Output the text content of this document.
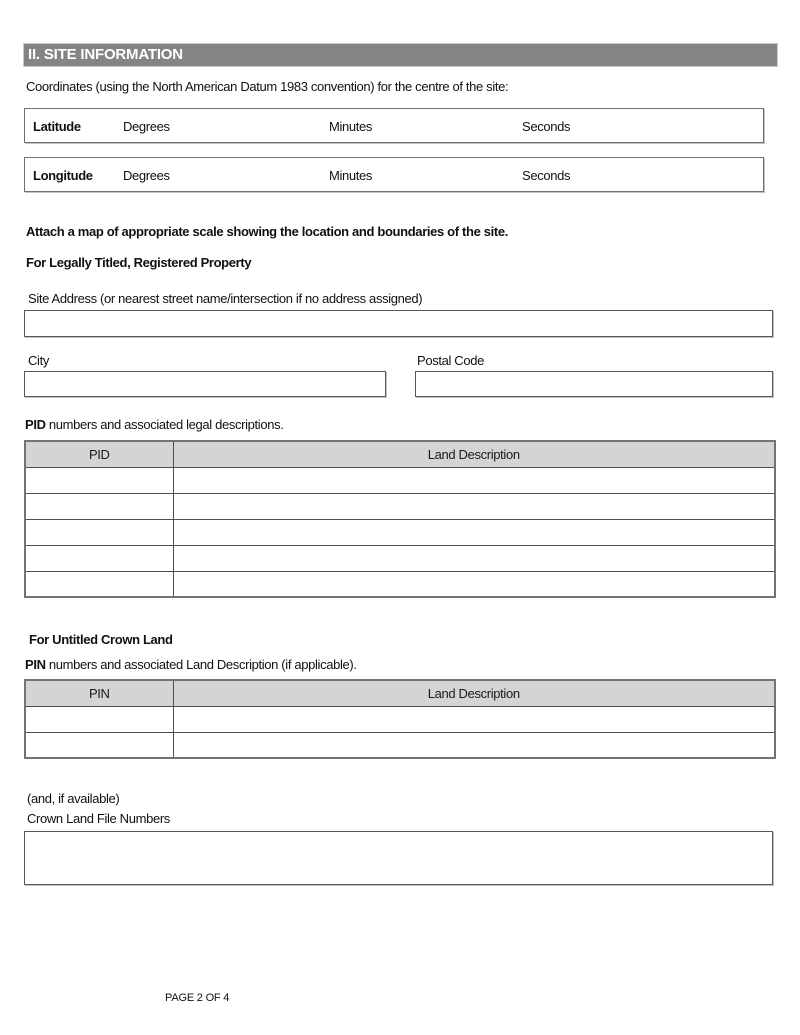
II. SITE INFORMATION
Coordinates (using the North American Datum 1983 convention) for the centre of the site:
Latitude	Degrees	Minutes	Seconds
Longitude Degrees	Minutes	Seconds
Attach a map of appropriate scale showing the location and boundaries of the site.
For Legally Titled, Registered Property
Site Address (or nearest street name/intersection if no address assigned)
City	Postal Code
PID numbers and associated legal descriptions.
PID	Land Description

For Untitled Crown Land
PIN numbers and associated Land Description (if applicable).
PIN	Land Description

(and, if available)
Crown Land File Numbers
PAGE 2 OF 4
